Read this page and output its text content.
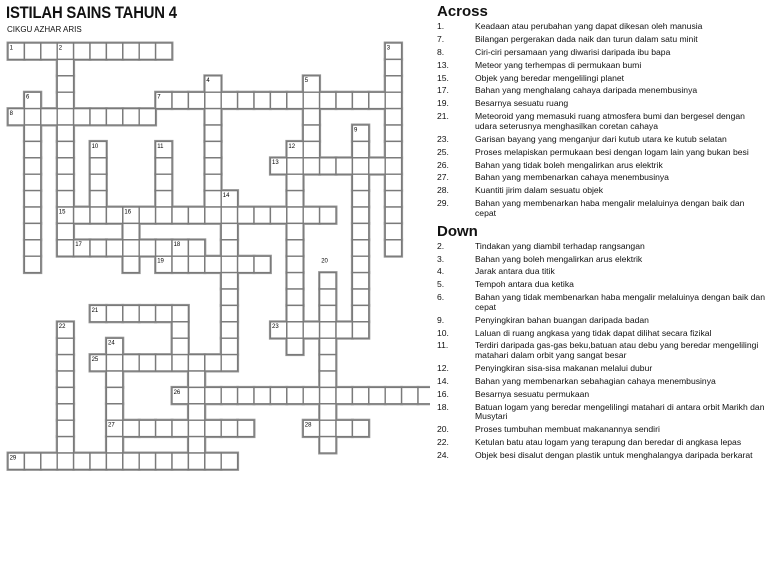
ISTILAH SAINS TAHUN 4
CIKGU AZHAR ARIS
1	2	3
4	5
6	7
8
9
10	11	12
13
14
15	16
17	18
19	20
21
22	23
24
25
26
27	28
29
Across
1.	Keadaan atau perubahan yang dapat dikesan oleh manusia
7.	Bilangan pergerakan dada naik dan turun dalam satu minit
8.	Ciri-ciri persamaan yang diwarisi daripada ibu bapa
13.	Meteor yang terhempas di permukaan bumi
15.	Objek yang beredar mengelilingi planet
17.	Bahan yang menghalang cahaya daripada menembusinya
19.	Besarnya sesuatu ruang
21.	Meteoroid yang memasuki ruang atmosfera bumi dan bergesel dengan udara seterusnya menghasilkan coretan cahaya
23.	Garisan bayang yang menganjur dari kutub utara ke kutub selatan
25.	Proses melapiskan permukaan besi dengan logam lain yang bukan besi
26.	Bahan yang tidak boleh mengalirkan arus elektrik
27.	Bahan yang membenarkan cahaya menembusinya
28.	Kuantiti jirim dalam sesuatu objek
29.	Bahan yang membenarkan haba mengalir melaluinya dengan baik dan cepat
Down
2.	Tindakan yang diambil terhadap rangsangan
3.	Bahan yang boleh mengalirkan arus elektrik
4.	Jarak antara dua titik
5.	Tempoh antara dua ketika
6.	Bahan yang tidak membenarkan haba mengalir melaluinya dengan baik dan cepat
9.	Penyingkiran bahan buangan daripada badan
10.	Laluan di ruang angkasa yang tidak dapat dilihat secara fizikal
11.	Terdiri daripada gas-gas beku,batuan atau debu yang beredar mengelilingi matahari dalam orbit yang sangat besar
12.	Penyingkiran sisa-sisa makanan melalui dubur
14.	Bahan yang membenarkan sebahagian cahaya menembusinya
16.	Besarnya sesuatu permukaan
18.	Batuan logam yang beredar mengelilingi matahari di antara orbit Marikh dan Musytari
20.	Proses tumbuhan membuat makanannya sendiri
22.	Ketulan batu atau logam yang terapung dan beredar di angkasa lepas
24.	Objek besi disalut dengan plastik untuk menghalangya daripada berkarat
